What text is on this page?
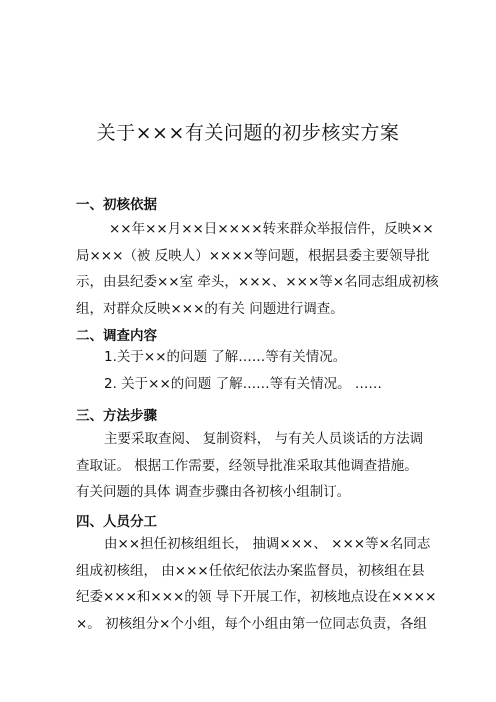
关于×××有关问题的初步核实方案
一、初核依据
××年××月××日××××转来群众举报信件，反映××
局×××（被 反映人）××××等问题，根据县委主要领导批
示，由县纪委××室 牵头，×××、×××等×名同志组成初核
组，对群众反映×××的有关 问题进行调查。
二、调查内容
1.关于××的问题 了解……等有关情况。
2. 关于××的问题 了解……等有关情况。 ……
三、方法步骤
主要采取查阅、 复制资料， 与有关人员谈话的方法调
查取证。 根据工作需要，经领导批准采取其他调查措施。
有关问题的具体 调查步骤由各初核小组制订。
四、人员分工
由××担任初核组组长， 抽调×××、 ×××等×名同志
组成初核组， 由×××任依纪依法办案监督员，初核组在县
纪委×××和×××的领 导下开展工作，初核地点设在××××
×。 初核组分×个小组，每个小组由第一位同志负责，各组
